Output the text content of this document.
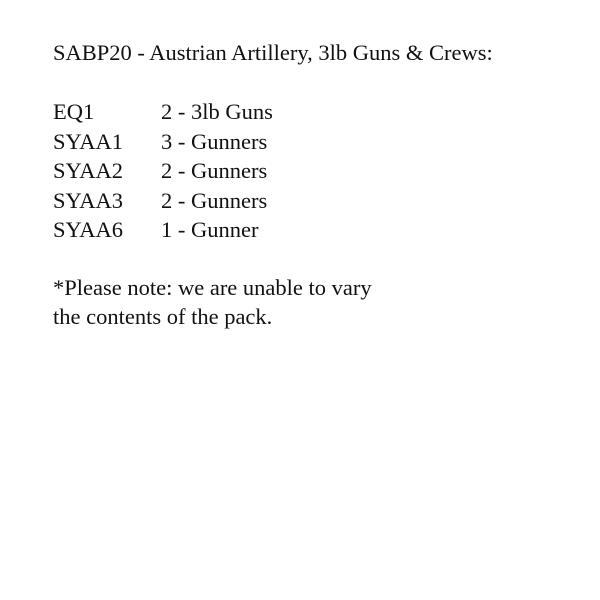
SABP20 - Austrian Artillery, 3lb Guns & Crews:

EQ1	2 - 3lb Guns
SYAA1	3 - Gunners
SYAA2	2 - Gunners
SYAA3	2 - Gunners
SYAA6	1 - Gunner
*Please note: we are unable to vary
the contents of the pack.
